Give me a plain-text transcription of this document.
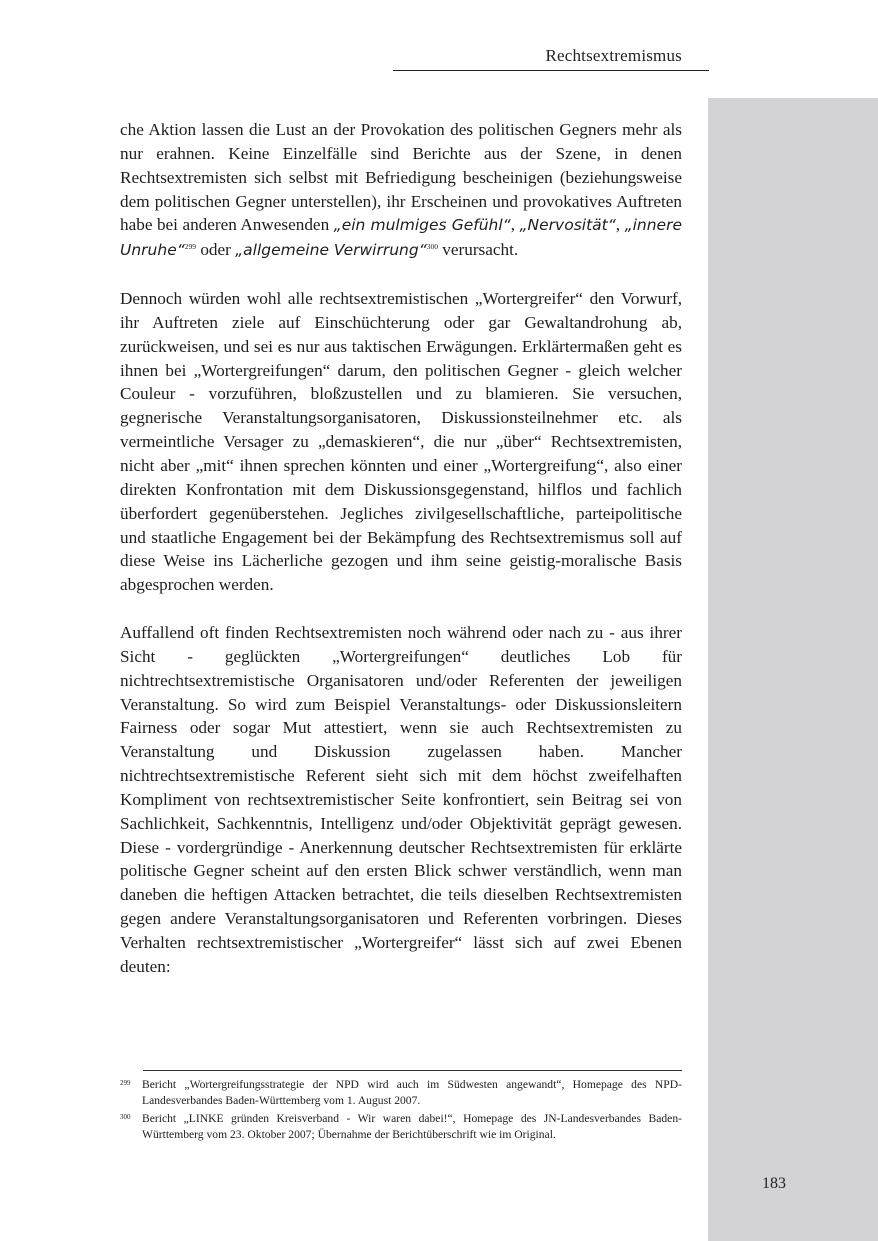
Rechtsextremismus

che Aktion lassen die Lust an der Provokation des politischen Gegners mehr als nur erahnen. Keine Einzelfälle sind Berichte aus der Szene, in denen Rechtsextremisten sich selbst mit Befriedigung bescheinigen (beziehungsweise dem politischen Gegner unterstellen), ihr Erscheinen und provokatives Auftreten habe bei anderen Anwesenden „ein mulmiges Gefühl“, „Nervosität“, „innere Unruhe“$^{299}$ oder „allgemeine Verwirrung“$^{300}$ verursacht.

Dennoch würden wohl alle rechtsextremistischen „Wortergreifer“ den Vorwurf, ihr Auftreten ziele auf Einschüchterung oder gar Gewaltandrohung ab, zurückweisen, und sei es nur aus taktischen Erwägungen. Erklärtermaßen geht es ihnen bei „Wortergreifungen“ darum, den politischen Gegner - gleich welcher Couleur - vorzuführen, bloßzustellen und zu blamieren. Sie versuchen, gegnerische Veranstaltungsorganisatoren, Diskussionsteilnehmer etc. als vermeintliche Versager zu „demaskieren“, die nur „über“ Rechtsextremisten, nicht aber „mit“ ihnen sprechen könnten und einer „Wortergreifung“, also einer direkten Konfrontation mit dem Diskussionsgegenstand, hilflos und fachlich überfordert gegenüberstehen. Jegliches zivilgesellschaftliche, parteipolitische und staatliche Engagement bei der Bekämpfung des Rechtsextremismus soll auf diese Weise ins Lächerliche gezogen und ihm seine geistig-moralische Basis abgesprochen werden.

Auffallend oft finden Rechtsextremisten noch während oder nach zu - aus ihrer Sicht - geglückten „Wortergreifungen“ deutliches Lob für nichtrechtsextremistische Organisatoren und/oder Referenten der jeweiligen Veranstaltung. So wird zum Beispiel Veranstaltungs- oder Diskussionsleitern Fairness oder sogar Mut attestiert, wenn sie auch Rechtsextremisten zu Veranstaltung und Diskussion zugelassen haben. Mancher nichtrechtsextremistische Referent sieht sich mit dem höchst zweifelhaften Kompliment von rechtsextremistischer Seite konfrontiert, sein Beitrag sei von Sachlichkeit, Sachkenntnis, Intelligenz und/oder Objektivität geprägt gewesen. Diese - vordergründige - Anerkennung deutscher Rechtsextremisten für erklärte politische Gegner scheint auf den ersten Blick schwer verständlich, wenn man daneben die heftigen Attacken betrachtet, die teils dieselben Rechtsextremisten gegen andere Veranstaltungsorganisatoren und Referenten vorbringen. Dieses Verhalten rechtsextremistischer „Wortergreifer“ lässt sich auf zwei Ebenen deuten:

299 Bericht „Wortergreifungsstrategie der NPD wird auch im Südwesten angewandt“, Homepage des NPD-Landesverbandes Baden-Württemberg vom 1. August 2007.
300 Bericht „LINKE gründen Kreisverband - Wir waren dabei!“, Homepage des JN-Landesverbandes Baden-Württemberg vom 23. Oktober 2007; Übernahme der Berichtüberschrift wie im Original.
183
